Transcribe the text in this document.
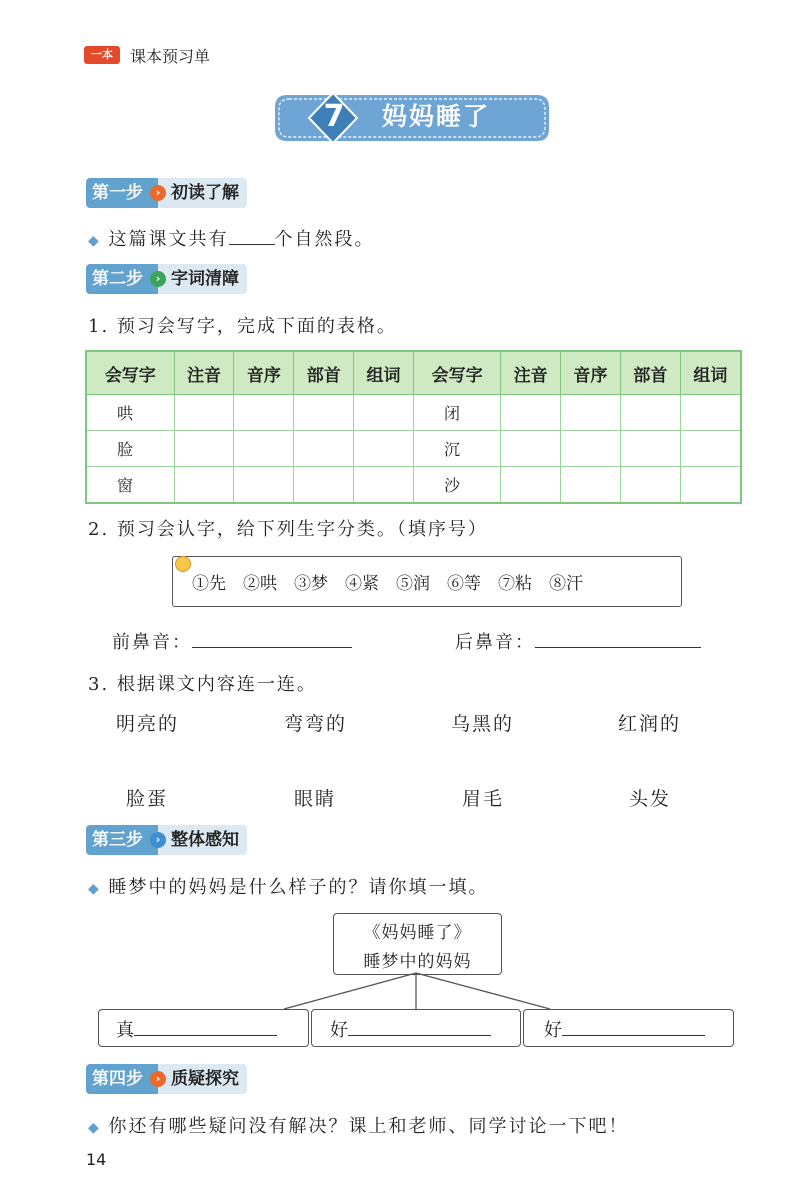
一本	课本预习单
7	妈妈睡了
第一步	› 初读了解
◆ 这篇课文共有	个自然段。
第二步	› 字词清障
1. 预习会写字，完成下面的表格。
会写字	注音	音序	部首	组词	会写字	注音	音序	部首	组词
哄					闭				
脸					沉				
窗					沙				
2. 预习会认字，给下列生字分类。（填序号）
①先 ②哄 ③梦 ④紧 ⑤润 ⑥等 ⑦粘 ⑧汗
前鼻音：	后鼻音：
3. 根据课文内容连一连。
明亮的	弯弯的	乌黑的	红润的
脸蛋	眼睛	眉毛	头发
第三步	› 整体感知
◆ 睡梦中的妈妈是什么样子的？请你填一填。
《妈妈睡了》
睡梦中的妈妈
真	好	好
第四步	› 质疑探究
◆ 你还有哪些疑问没有解决？课上和老师、同学讨论一下吧！
14
